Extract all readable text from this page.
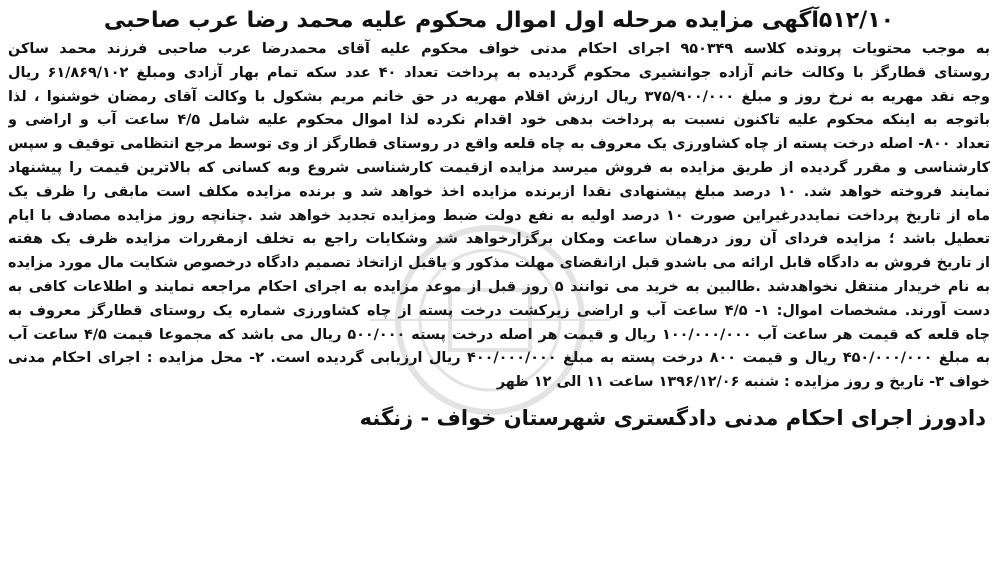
۵۱۲/۱۰آگهی مزایده مرحله اول اموال محکوم علیه محمد رضا عرب صاحبی
به موجب محتویات پرونده کلاسه ۹۵۰۳۴۹ اجرای احکام مدنی خواف محکوم علیه آقای محمدرضا عرب صاحبی فرزند محمد ساکن
روستای قطارگز با وکالت خانم آزاده جوانشیری محکوم گردیده به پرداخت تعداد ۴۰ عدد سکه تمام بهار آزادی ومبلغ ۶۱/۸۶۹/۱۰۲ ریال
وجه نقد مهریه به نرخ روز و مبلغ ۳۷۵/۹۰۰/۰۰۰ ریال ارزش اقلام مهریه در حق خانم مریم بشکول با وکالت آقای رمضان خوشنوا ، لذا
باتوجه به اینکه محکوم علیه تاکنون نسبت به پرداخت بدهی خود اقدام نکرده لذا اموال محکوم علیه شامل ۴/۵ ساعت آب و اراضی و
تعداد ۸۰۰- اصله درخت پسته از چاه کشاورزی یک معروف به چاه قلعه واقع در روستای قطارگز از وی توسط مرجع انتظامی توقیف و سپس
کارشناسی و مقرر گردیده از طریق مزایده به فروش میرسد مزایده ازقیمت کارشناسی شروع وبه کسانی که بالاترین قیمت را پیشنهاد
نمایند فروخته خواهد شد. ۱۰ درصد مبلغ پیشنهادی نقدا ازبرنده مزایده اخذ خواهد شد و برنده مزایده مکلف است مابقی را ظرف یک
ماه از تاریخ پرداخت نمایددرغیراین صورت ۱۰ درصد اولیه به نفع دولت ضبط ومزایده تجدید خواهد شد .چنانچه روز مزایده مصادف با ایام
تعطیل باشد ؛ مزایده فردای آن روز درهمان ساعت ومکان برگزارخواهد شد وشکایات راجع به تخلف ازمقررات مزایده ظرف یک هفته
از تاریخ فروش به دادگاه قابل ارائه می باشدو قبل ازانقضای مهلت مذکور و یاقبل ازاتخاذ تصمیم دادگاه درخصوص شکایت مال مورد مزایده
به نام خریدار منتقل نخواهدشد .طالبین به خرید می توانند ۵ روز قبل از موعد مزایده به اجرای احکام مراجعه نمایند و اطلاعات کافی به
دست آورند. مشخصات اموال: ۱- ۴/۵ ساعت آب و اراضی زیرکشت درخت پسته از چاه کشاورزی شماره یک روستای قطارگز معروف به
چاه قلعه که قیمت هر ساعت آب ۱۰۰/۰۰۰/۰۰۰ ریال و قیمت هر اصله درخت پسته ۵۰۰/۰۰۰ ریال می باشد که مجموعا قیمت ۴/۵ ساعت آب
به مبلغ ۴۵۰/۰۰۰/۰۰۰ ریال و قیمت ۸۰۰ درخت پسته به مبلغ ۴۰۰/۰۰۰/۰۰۰ ریال ارزیابی گردیده است. ۲- محل مزایده : اجرای احکام مدنی
خواف ۳- تاریخ و روز مزایده : شنبه ۱۳۹۶/۱۲/۰۶ ساعت ۱۱ الی ۱۲ ظهر
دادورز اجرای احکام مدنی دادگستری شهرستان خواف - زنگنه
